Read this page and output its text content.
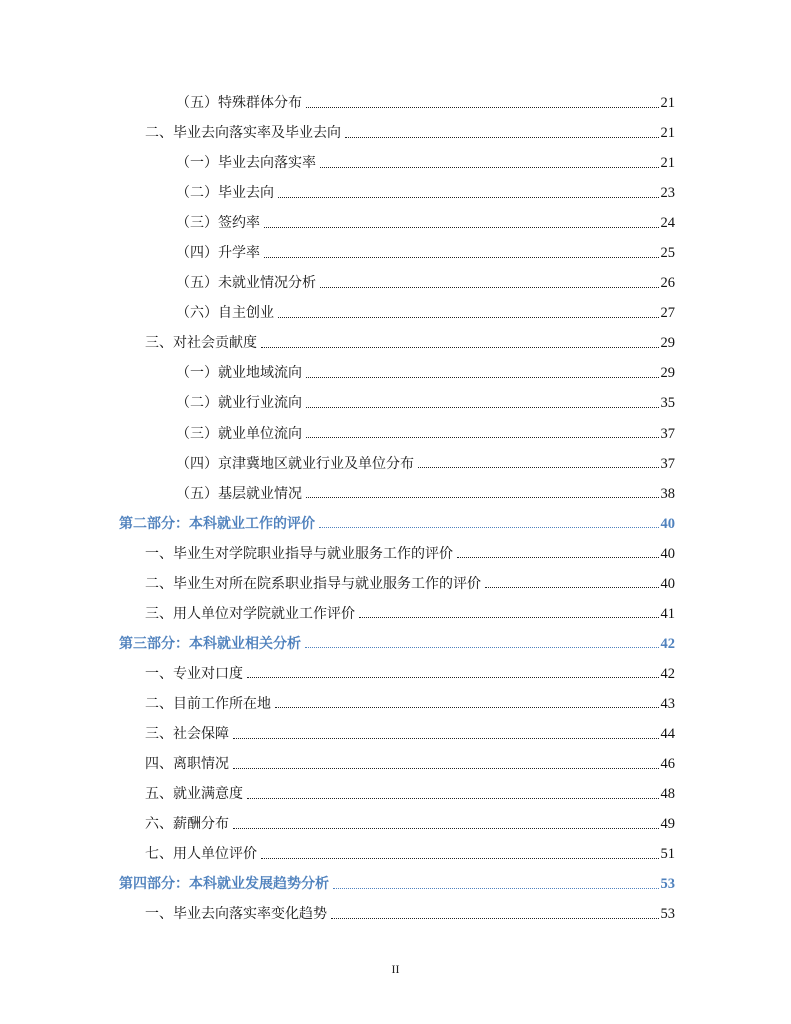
（五）特殊群体分布	21
二、毕业去向落实率及毕业去向	21
（一）毕业去向落实率	21
（二）毕业去向	23
（三）签约率	24
（四）升学率	25
（五）未就业情况分析	26
（六）自主创业	27
三、对社会贡献度	29
（一）就业地域流向	29
（二）就业行业流向	35
（三）就业单位流向	37
（四）京津冀地区就业行业及单位分布	37
（五）基层就业情况	38
第二部分：本科就业工作的评价	40
一、毕业生对学院职业指导与就业服务工作的评价	40
二、毕业生对所在院系职业指导与就业服务工作的评价	40
三、用人单位对学院就业工作评价	41
第三部分：本科就业相关分析	42
一、专业对口度	42
二、目前工作所在地	43
三、社会保障	44
四、离职情况	46
五、就业满意度	48
六、薪酬分布	49
七、用人单位评价	51
第四部分：本科就业发展趋势分析	53
一、毕业去向落实率变化趋势	53
II
